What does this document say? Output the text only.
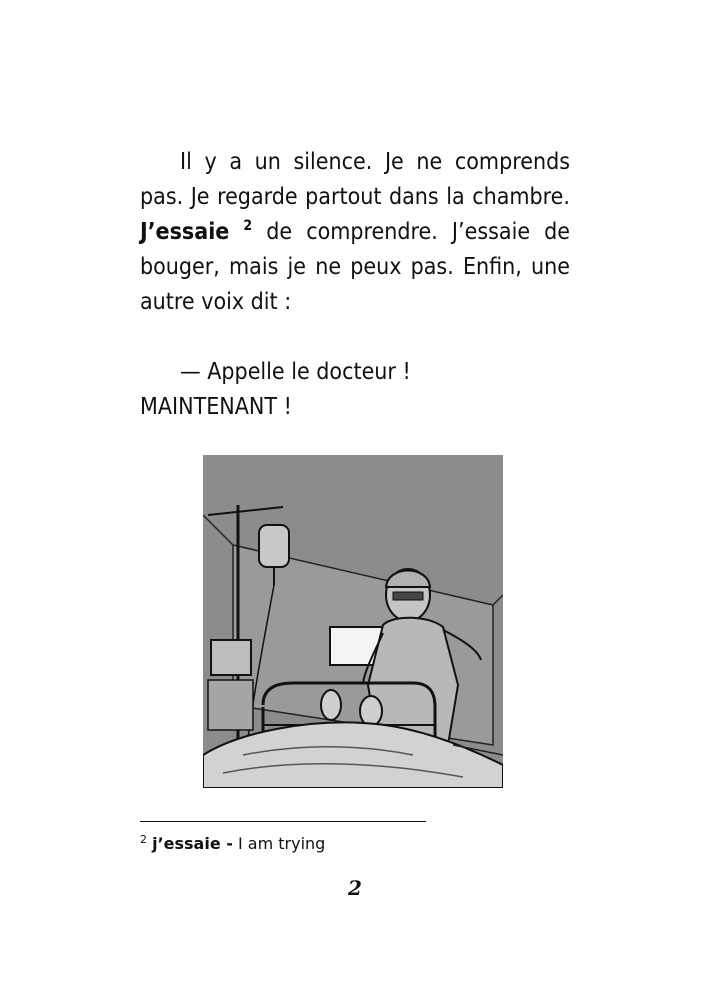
Il y a un silence. Je ne comprends pas. Je regarde partout dans la chambre. J’essaie $^2$ de comprendre. J’essaie de bouger, mais je ne peux pas. Enfin, une autre voix dit :

— Appelle le docteur !

MAINTENANT !

$^2$ j’essaie - I am trying
2
